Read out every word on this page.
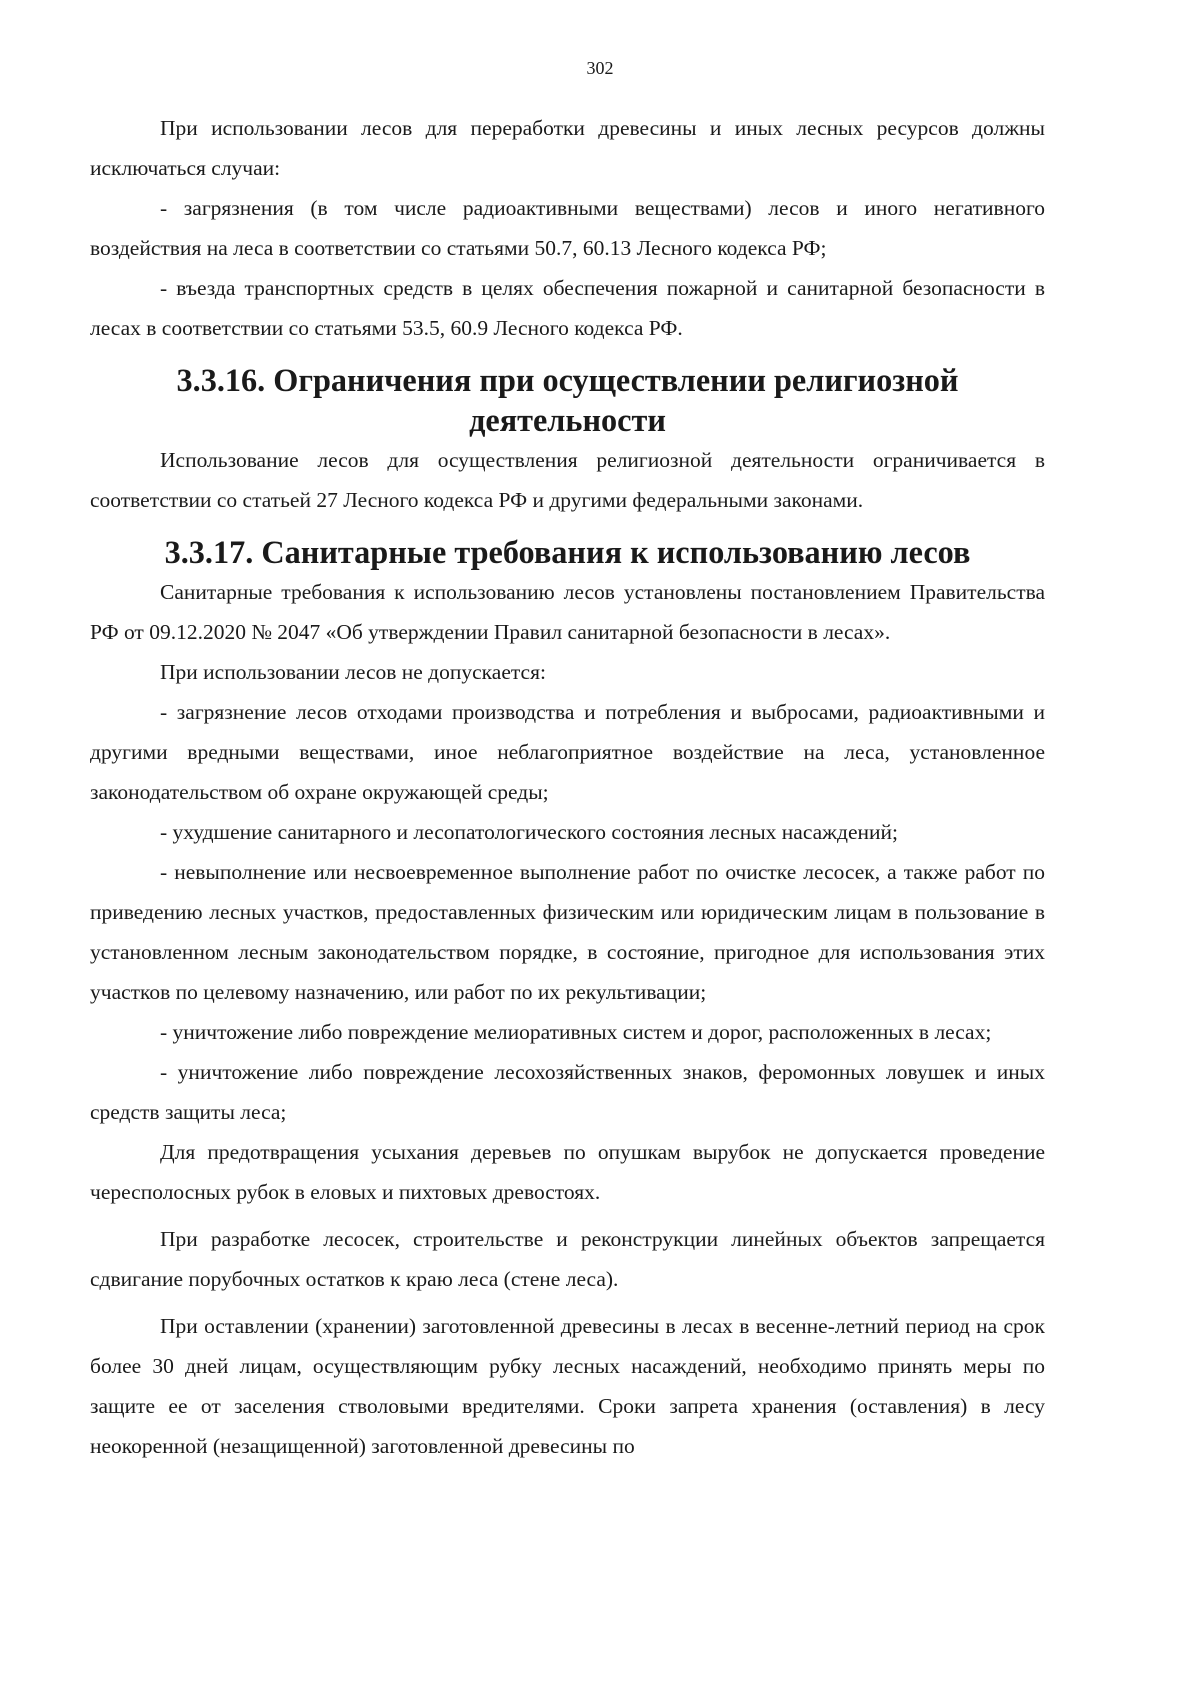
302

При использовании лесов для переработки древесины и иных лесных ресурсов должны исключаться случаи:

- загрязнения (в том числе радиоактивными веществами) лесов и иного негативного воздействия на леса в соответствии со статьями 50.7, 60.13 Лесного кодекса РФ;

- въезда транспортных средств в целях обеспечения пожарной и санитарной безопасности в лесах в соответствии со статьями 53.5, 60.9 Лесного кодекса РФ.

3.3.16. Ограничения при осуществлении религиозной деятельности

Использование лесов для осуществления религиозной деятельности ограничивается в соответствии со статьей 27 Лесного кодекса РФ и другими федеральными законами.

3.3.17. Санитарные требования к использованию лесов

Санитарные требования к использованию лесов установлены постановлением Правительства РФ от 09.12.2020 № 2047 «Об утверждении Правил санитарной безопасности в лесах».

При использовании лесов не допускается:

- загрязнение лесов отходами производства и потребления и выбросами, радиоактивными и другими вредными веществами, иное неблагоприятное воздействие на леса, установленное законодательством об охране окружающей среды;

- ухудшение санитарного и лесопатологического состояния лесных насаждений;

- невыполнение или несвоевременное выполнение работ по очистке лесосек, а также работ по приведению лесных участков, предоставленных физическим или юридическим лицам в пользование в установленном лесным законодательством порядке, в состояние, пригодное для использования этих участков по целевому назначению, или работ по их рекультивации;

- уничтожение либо повреждение мелиоративных систем и дорог, расположенных в лесах;

- уничтожение либо повреждение лесохозяйственных знаков, феромонных ловушек и иных средств защиты леса;

Для предотвращения усыхания деревьев по опушкам вырубок не допускается проведение чересполосных рубок в еловых и пихтовых древостоях.

При разработке лесосек, строительстве и реконструкции линейных объектов запрещается сдвигание порубочных остатков к краю леса (стене леса).

При оставлении (хранении) заготовленной древесины в лесах в весенне-летний период на срок более 30 дней лицам, осуществляющим рубку лесных насаждений, необходимо принять меры по защите ее от заселения стволовыми вредителями. Сроки запрета хранения (оставления) в лесу неокоренной (незащищенной) заготовленной древесины по
